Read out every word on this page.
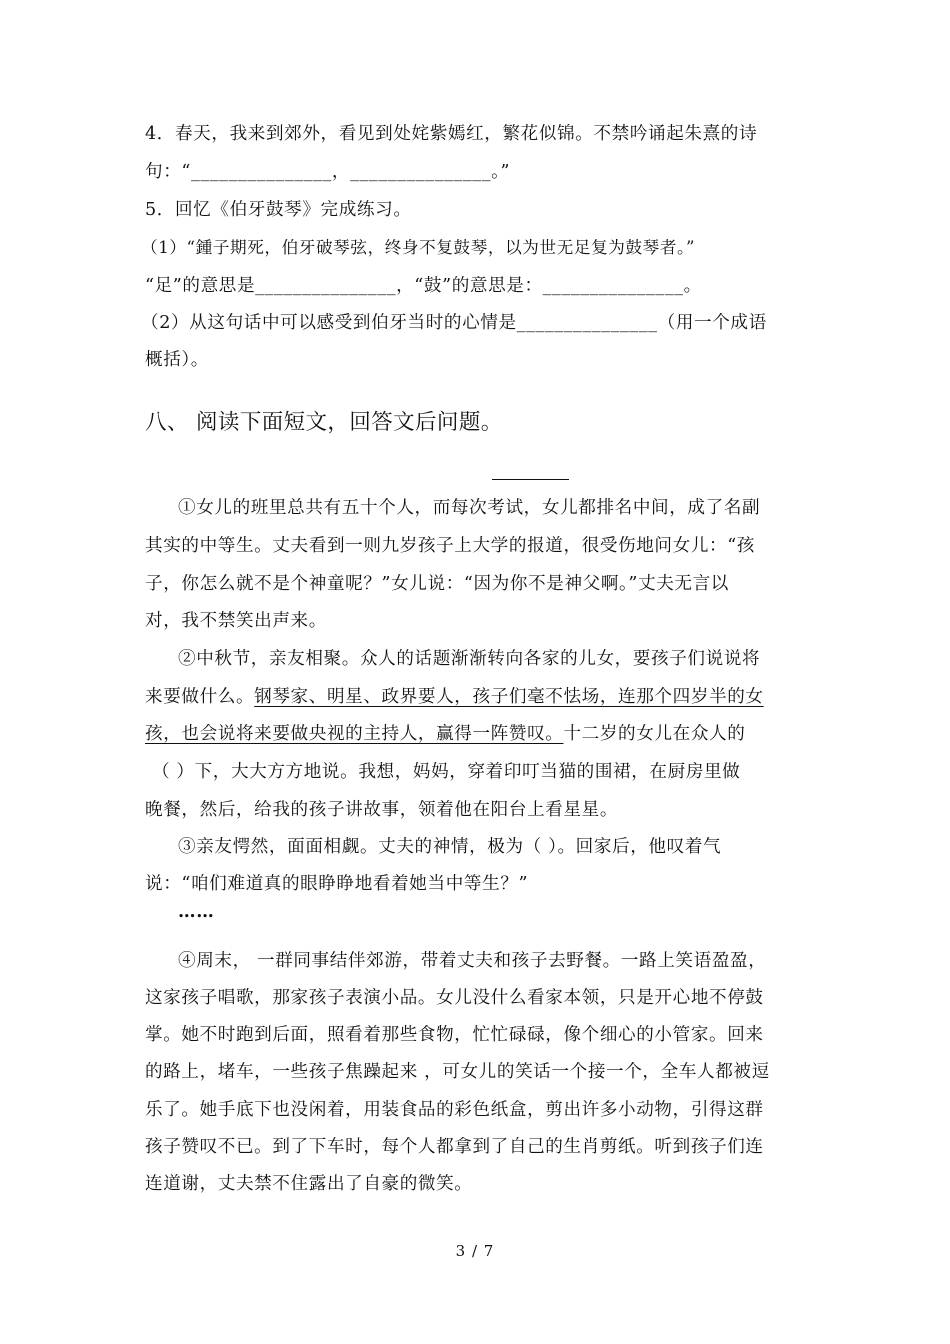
4．春天，我来到郊外，看见到处姹紫嫣红，繁花似锦。不禁吟诵起朱熹的诗
句：“_______________，_______________。”
5．回忆《伯牙鼓琴》完成练习。
（1）“鍾子期死，伯牙破琴弦，终身不复鼓琴，以为世无足复为鼓琴者。”
“足”的意思是_______________，“鼓”的意思是：_______________。
（2）从这句话中可以感受到伯牙当时的心情是_______________（用一个成语
概括）。
八、 阅读下面短文，回答文后问题。
①女儿的班里总共有五十个人，而每次考试，女儿都排名中间，成了名副
其实的中等生。丈夫看到一则九岁孩子上大学的报道，很受伤地问女儿：“孩
子，你怎么就不是个神童呢？”女儿说：“因为你不是神父啊。”丈夫无言以
对，我不禁笑出声来。
②中秋节，亲友相聚。众人的话题渐渐转向各家的儿女，要孩子们说说将
来要做什么。钢琴家、明星、政界要人，孩子们毫不怯场，连那个四岁半的女
孩，也会说将来要做央视的主持人，赢得一阵赞叹。十二岁的女儿在众人的
（ ）下，大大方方地说。我想，妈妈，穿着印叮当猫的围裙，在厨房里做
晚餐，然后，给我的孩子讲故事，领着他在阳台上看星星。
③亲友愕然，面面相觑。丈夫的神情，极为（ ）。回家后，他叹着气
说：“咱们难道真的眼睁睁地看着她当中等生？”
……
④周末， 一群同事结伴郊游，带着丈夫和孩子去野餐。一路上笑语盈盈，
这家孩子唱歌，那家孩子表演小品。女儿没什么看家本领，只是开心地不停鼓
掌。她不时跑到后面，照看着那些食物，忙忙碌碌，像个细心的小管家。回来
的路上，堵车，一些孩子焦躁起来 ，可女儿的笑话一个接一个，全车人都被逗
乐了。她手底下也没闲着，用装食品的彩色纸盒，剪出许多小动物，引得这群
孩子赞叹不已。到了下车时，每个人都拿到了自己的生肖剪纸。听到孩子们连
连道谢，丈夫禁不住露出了自豪的微笑。
3 / 7
